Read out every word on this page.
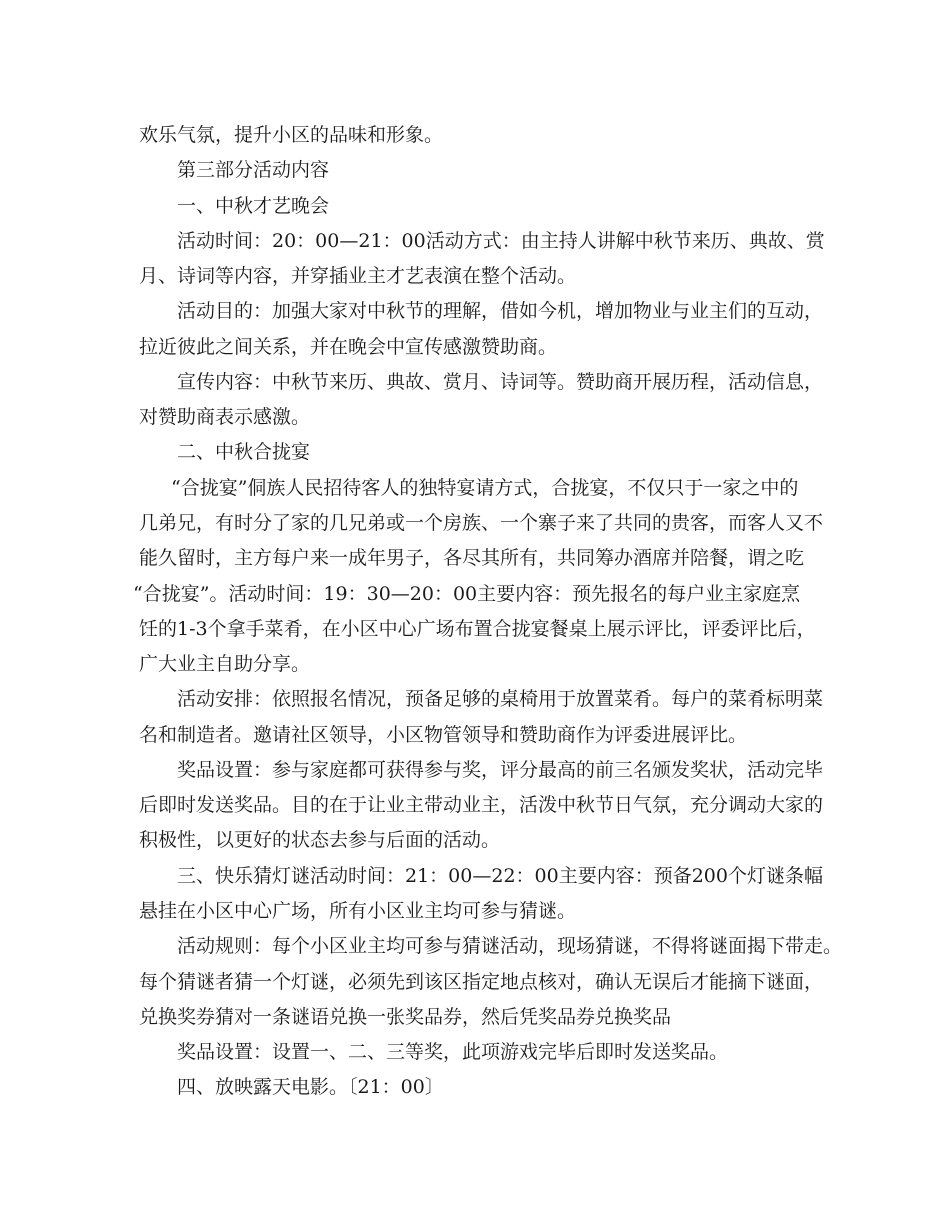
欢乐气氛，提升小区的品味和形象。
第三部分活动内容
一、中秋才艺晚会
活动时间：20：00—21：00活动方式：由主持人讲解中秋节来历、典故、赏
月、诗词等内容，并穿插业主才艺表演在整个活动。
活动目的：加强大家对中秋节的理解，借如今机，增加物业与业主们的互动，
拉近彼此之间关系，并在晚会中宣传感激赞助商。
宣传内容：中秋节来历、典故、赏月、诗词等。赞助商开展历程，活动信息，
对赞助商表示感激。
二、中秋合拢宴
“合拢宴”侗族人民招待客人的独特宴请方式，合拢宴，不仅只于一家之中的
几弟兄，有时分了家的几兄弟或一个房族、一个寨子来了共同的贵客，而客人又不
能久留时，主方每户来一成年男子，各尽其所有，共同筹办酒席并陪餐，谓之吃
“合拢宴”。活动时间：19：30—20：00主要内容：预先报名的每户业主家庭烹
饪的1-3个拿手菜肴，在小区中心广场布置合拢宴餐桌上展示评比，评委评比后，
广大业主自助分享。
活动安排：依照报名情况，预备足够的桌椅用于放置菜肴。每户的菜肴标明菜
名和制造者。邀请社区领导，小区物管领导和赞助商作为评委进展评比。
奖品设置：参与家庭都可获得参与奖，评分最高的前三名颁发奖状，活动完毕
后即时发送奖品。目的在于让业主带动业主，活泼中秋节日气氛，充分调动大家的
积极性，以更好的状态去参与后面的活动。
三、快乐猜灯谜活动时间：21：00—22：00主要内容：预备200个灯谜条幅
悬挂在小区中心广场，所有小区业主均可参与猜谜。
活动规则：每个小区业主均可参与猜谜活动，现场猜谜，不得将谜面揭下带走。
每个猜谜者猜一个灯谜，必须先到该区指定地点核对，确认无误后才能摘下谜面，
兑换奖券猜对一条谜语兑换一张奖品券，然后凭奖品券兑换奖品
奖品设置：设置一、二、三等奖，此项游戏完毕后即时发送奖品。
四、放映露天电影。〔21：00〕
